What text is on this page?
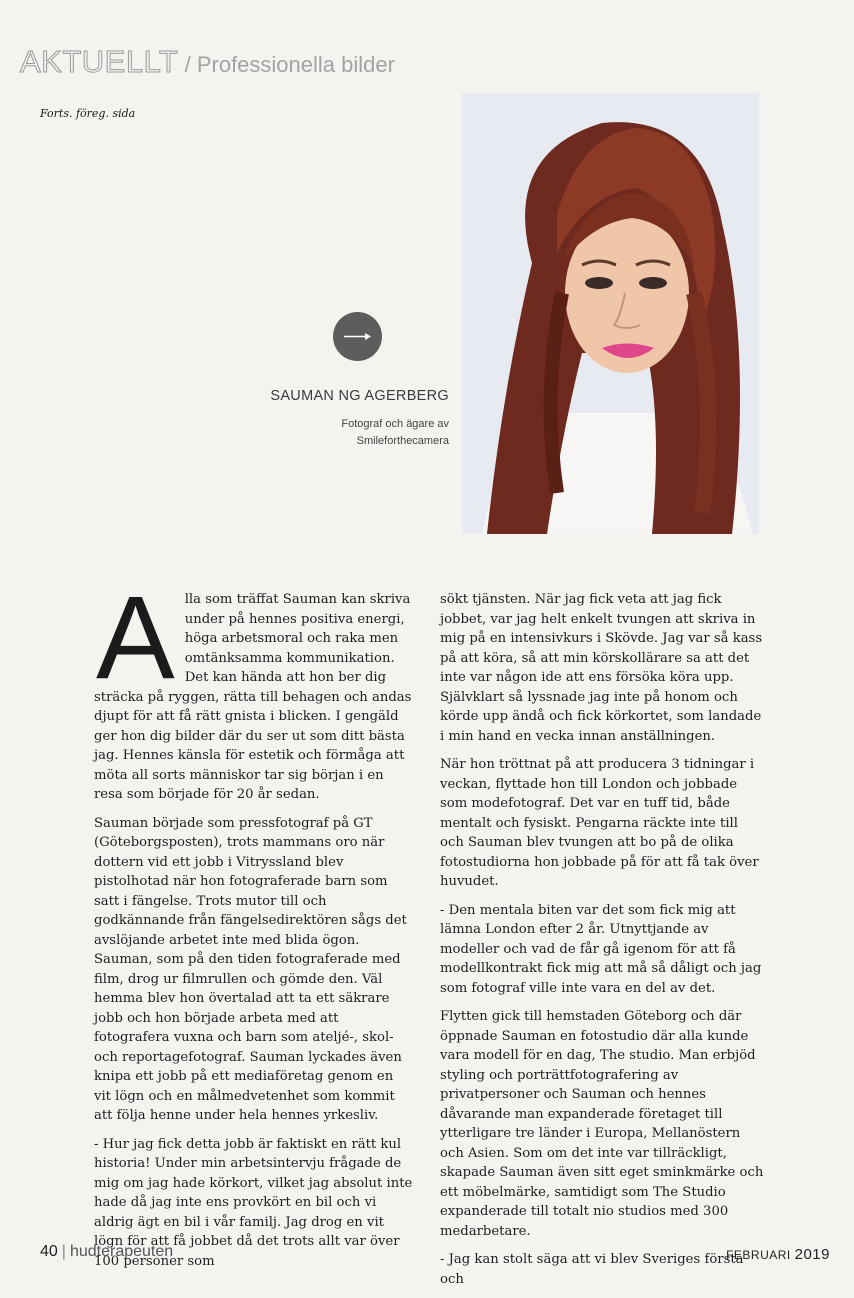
AKTUELLT / Professionella bilder
Forts. föreg. sida
SAUMAN NG AGERBERG
Fotograf och ägare av
Smileforthecamera

Alla som träffat Sauman kan skriva under på hennes positiva energi, höga arbetsmoral och raka men omtänksamma kommunikation. Det kan hända att hon ber dig sträcka på ryggen, rätta till behagen och andas djupt för att få rätt gnista i blicken. I gengäld ger hon dig bilder där du ser ut som ditt bästa jag. Hennes känsla för estetik och förmåga att möta all sorts människor tar sig början i en resa som började för 20 år sedan.

Sauman började som pressfotograf på GT (Göteborgsposten), trots mammans oro när dottern vid ett jobb i Vitryssland blev pistolhotad när hon fotograferade barn som satt i fängelse. Trots mutor till och godkännande från fängelsedirektören sågs det avslöjande arbetet inte med blida ögon. Sauman, som på den tiden fotograferade med film, drog ur filmrullen och gömde den. Väl hemma blev hon övertalad att ta ett säkrare jobb och hon började arbeta med att fotografera vuxna och barn som ateljé-, skol- och reportagefotograf. Sauman lyckades även knipa ett jobb på ett mediaföretag genom en vit lögn och en målmedvetenhet som kommit att följa henne under hela hennes yrkesliv.

- Hur jag fick detta jobb är faktiskt en rätt kul historia! Under min arbetsintervju frågade de mig om jag hade körkort, vilket jag absolut inte hade då jag inte ens provkört en bil och vi aldrig ägt en bil i vår familj. Jag drog en vit lögn för att få jobbet då det trots allt var över 100 personer som

sökt tjänsten. När jag fick veta att jag fick jobbet, var jag helt enkelt tvungen att skriva in mig på en intensivkurs i Skövde. Jag var så kass på att köra, så att min körskollärare sa att det inte var någon ide att ens försöka köra upp. Självklart så lyssnade jag inte på honom och körde upp ändå och fick körkortet, som landade i min hand en vecka innan anställningen.

När hon tröttnat på att producera 3 tidningar i veckan, flyttade hon till London och jobbade som modefotograf. Det var en tuff tid, både mentalt och fysiskt. Pengarna räckte inte till och Sauman blev tvungen att bo på de olika fotostudiorna hon jobbade på för att få tak över huvudet.

- Den mentala biten var det som fick mig att lämna London efter 2 år. Utnyttjande av modeller och vad de får gå igenom för att få modellkontrakt fick mig att må så dåligt och jag som fotograf ville inte vara en del av det.

Flytten gick till hemstaden Göteborg och där öppnade Sauman en fotostudio där alla kunde vara modell för en dag, The studio. Man erbjöd styling och porträttfotografering av privatpersoner och Sauman och hennes dåvarande man expanderade företaget till ytterligare tre länder i Europa, Mellanöstern och Asien. Som om det inte var tillräckligt, skapade Sauman även sitt eget sminkmärke och ett möbelmärke, samtidigt som The Studio expanderade till totalt nio studios med 300 medarbetare.

- Jag kan stolt säga att vi blev Sveriges första och

40 | hudterapeuten	FEBRUARI 2019
